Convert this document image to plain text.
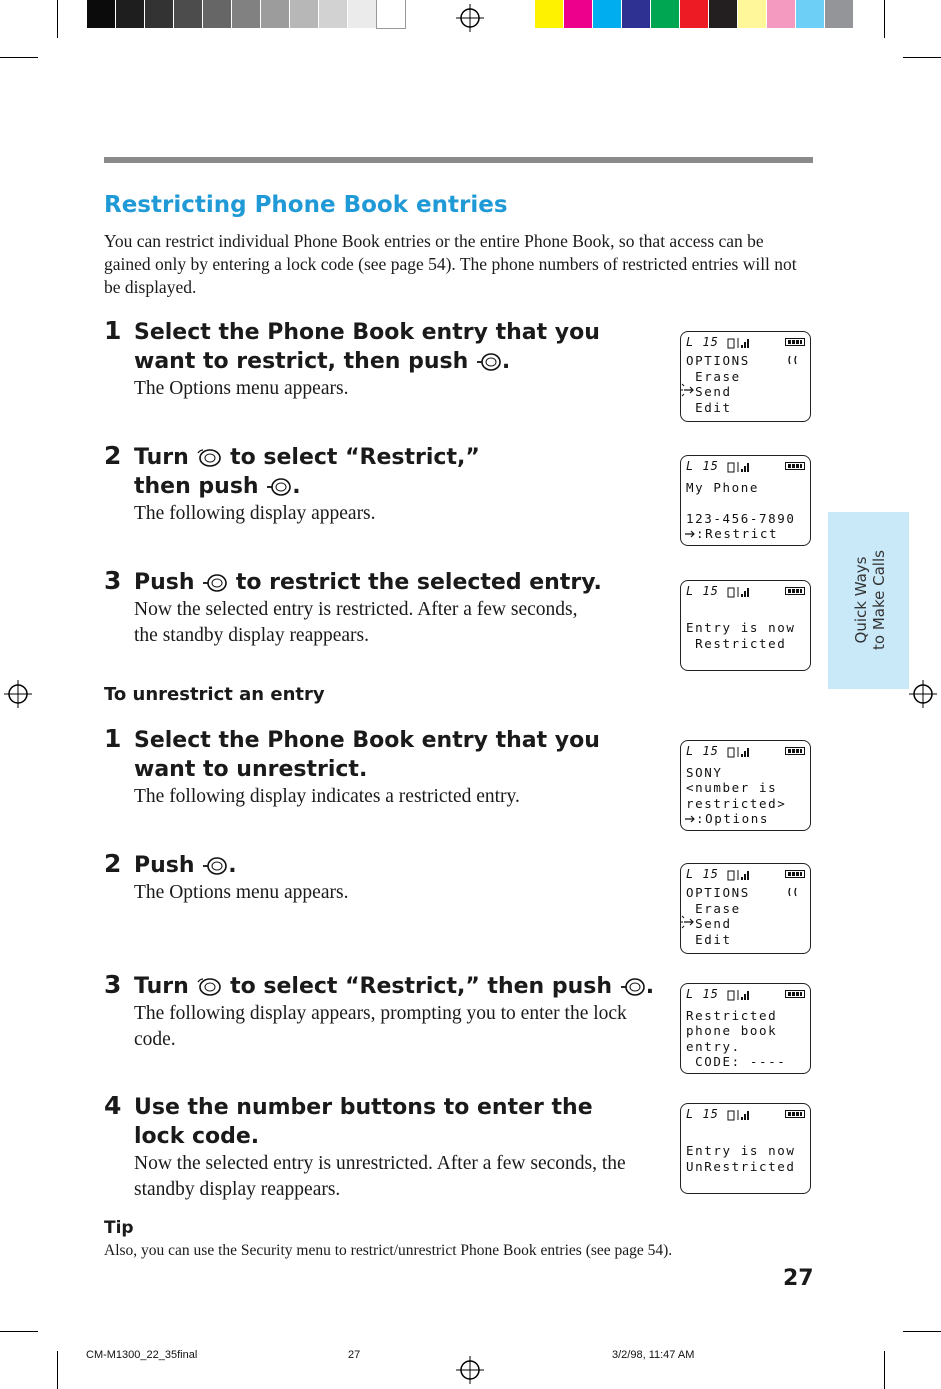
Restricting Phone Book entries
You can restrict individual Phone Book entries or the entire Phone Book, so that access can be gained only by entering a lock code (see page 54). The phone numbers of restricted entries will not be displayed.
Quick Ways to Make Calls
1 Select the Phone Book entry that you want to restrict, then push .
The Options menu appears.
2 Turn  to select “Restrict,” then push .
The following display appears.
3 Push  to restrict the selected entry.
Now the selected entry is restricted. After a few seconds, the standby display reappears.
To unrestrict an entry
1 Select the Phone Book entry that you want to unrestrict.
The following display indicates a restricted entry.
2 Push .
The Options menu appears.
3 Turn  to select “Restrict,” then push .
The following display appears, prompting you to enter the lock code.
4 Use the number buttons to enter the lock code.
Now the selected entry is unrestricted. After a few seconds, the standby display reappears.
L 15
OPTIONS
Erase
Send
Edit
L 15
My Phone
123-456-7890
:Restrict
L 15
Entry is now
Restricted
L 15
SONY
<number is
restricted>
:Options
L 15
OPTIONS
Erase
Send
Edit
L 15
Restricted
phone book
entry.
CODE: ----
L 15
Entry is now
UnRestricted
Tip
Also, you can use the Security menu to restrict/unrestrict Phone Book entries (see page 54).
27
CM-M1300_22_35final	27	3/2/98, 11:47 AM
